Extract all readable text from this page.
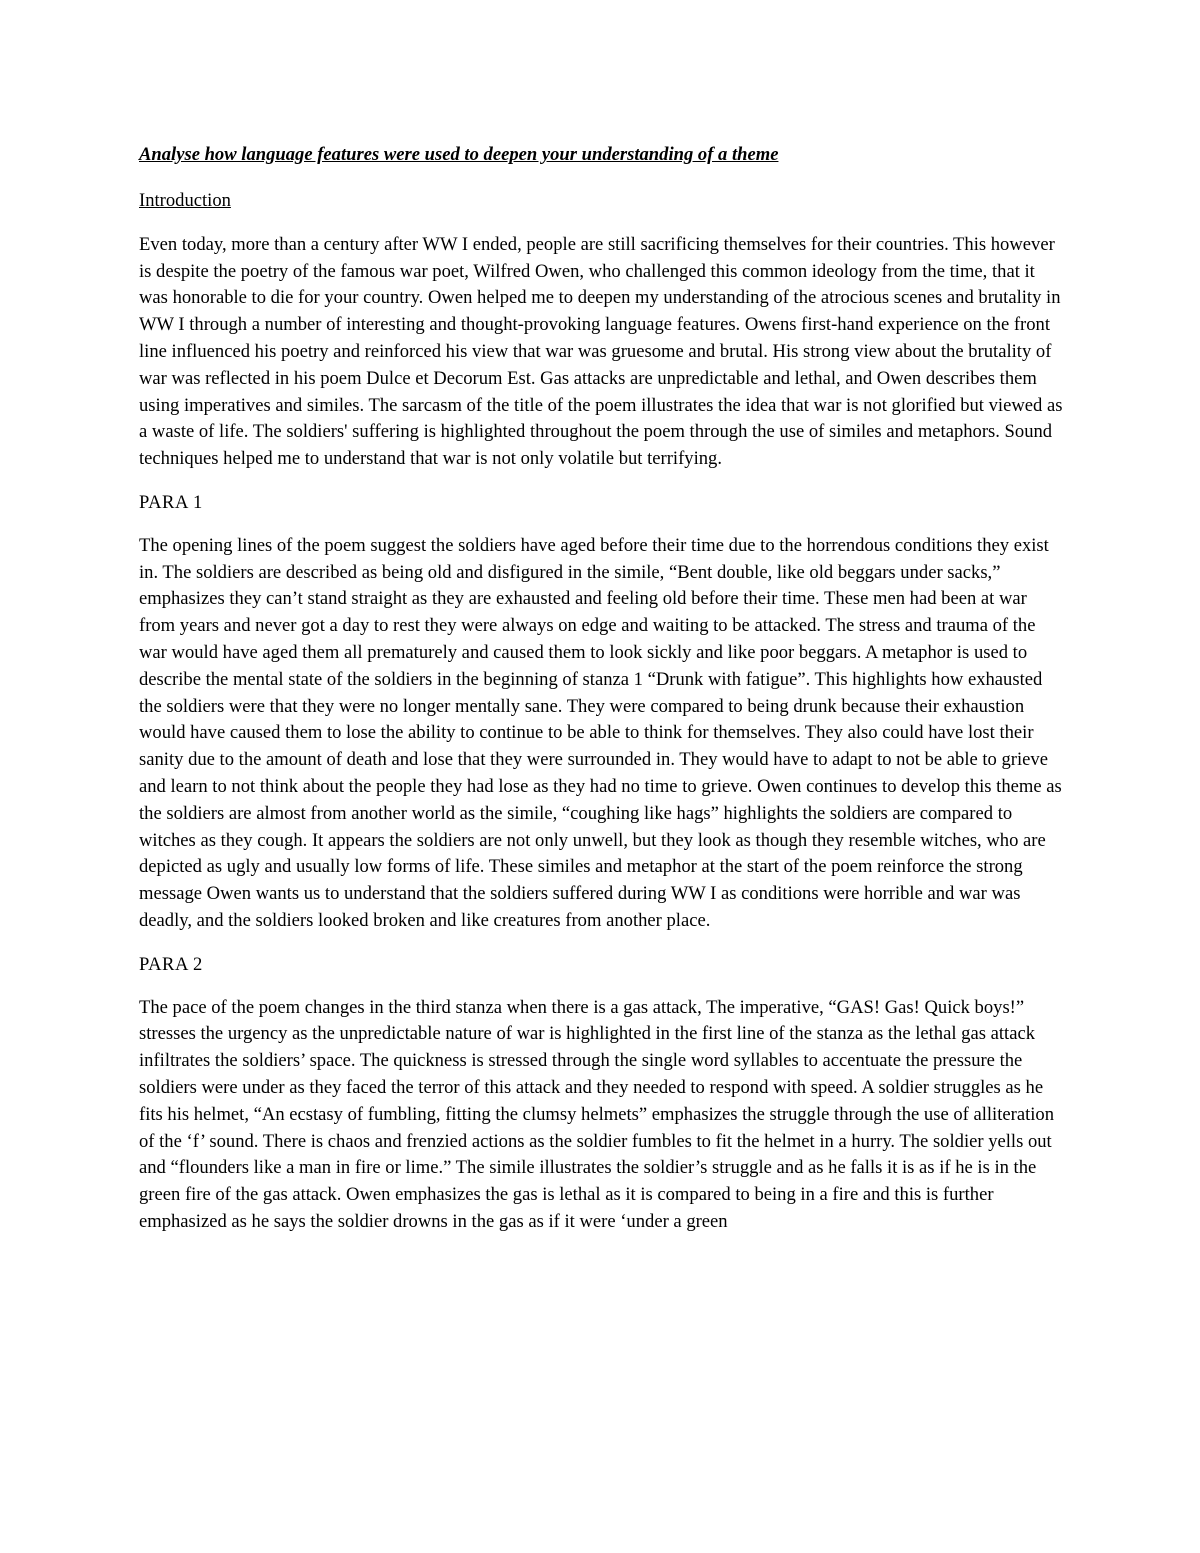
Analyse how language features were used to deepen your understanding of a theme

Introduction

Even today, more than a century after WW I ended, people are still sacrificing themselves for their countries. This however is despite the poetry of the famous war poet, Wilfred Owen, who challenged this common ideology from the time, that it was honorable to die for your country. Owen helped me to deepen my understanding of the atrocious scenes and brutality in WW I through a number of interesting and thought-provoking language features. Owens first-hand experience on the front line influenced his poetry and reinforced his view that war was gruesome and brutal. His strong view about the brutality of war was reflected in his poem Dulce et Decorum Est. Gas attacks are unpredictable and lethal, and Owen describes them using imperatives and similes. The sarcasm of the title of the poem illustrates the idea that war is not glorified but viewed as a waste of life. The soldiers' suffering is highlighted throughout the poem through the use of similes and metaphors. Sound techniques helped me to understand that war is not only volatile but terrifying.

PARA 1

The opening lines of the poem suggest the soldiers have aged before their time due to the horrendous conditions they exist in. The soldiers are described as being old and disfigured in the simile, “Bent double, like old beggars under sacks,” emphasizes they can’t stand straight as they are exhausted and feeling old before their time. These men had been at war from years and never got a day to rest they were always on edge and waiting to be attacked. The stress and trauma of the war would have aged them all prematurely and caused them to look sickly and like poor beggars. A metaphor is used to describe the mental state of the soldiers in the beginning of stanza 1 “Drunk with fatigue”. This highlights how exhausted the soldiers were that they were no longer mentally sane. They were compared to being drunk because their exhaustion would have caused them to lose the ability to continue to be able to think for themselves. They also could have lost their sanity due to the amount of death and lose that they were surrounded in. They would have to adapt to not be able to grieve and learn to not think about the people they had lose as they had no time to grieve. Owen continues to develop this theme as the soldiers are almost from another world as the simile, “coughing like hags” highlights the soldiers are compared to witches as they cough. It appears the soldiers are not only unwell, but they look as though they resemble witches, who are depicted as ugly and usually low forms of life. These similes and metaphor at the start of the poem reinforce the strong message Owen wants us to understand that the soldiers suffered during WW I as conditions were horrible and war was deadly, and the soldiers looked broken and like creatures from another place.

PARA 2

The pace of the poem changes in the third stanza when there is a gas attack, The imperative, “GAS! Gas! Quick boys!” stresses the urgency as the unpredictable nature of war is highlighted in the first line of the stanza as the lethal gas attack infiltrates the soldiers’ space. The quickness is stressed through the single word syllables to accentuate the pressure the soldiers were under as they faced the terror of this attack and they needed to respond with speed. A soldier struggles as he fits his helmet, “An ecstasy of fumbling, fitting the clumsy helmets” emphasizes the struggle through the use of alliteration of the ‘f’ sound. There is chaos and frenzied actions as the soldier fumbles to fit the helmet in a hurry. The soldier yells out and “flounders like a man in fire or lime.” The simile illustrates the soldier’s struggle and as he falls it is as if he is in the green fire of the gas attack. Owen emphasizes the gas is lethal as it is compared to being in a fire and this is further emphasized as he says the soldier drowns in the gas as if it were ‘under a green
